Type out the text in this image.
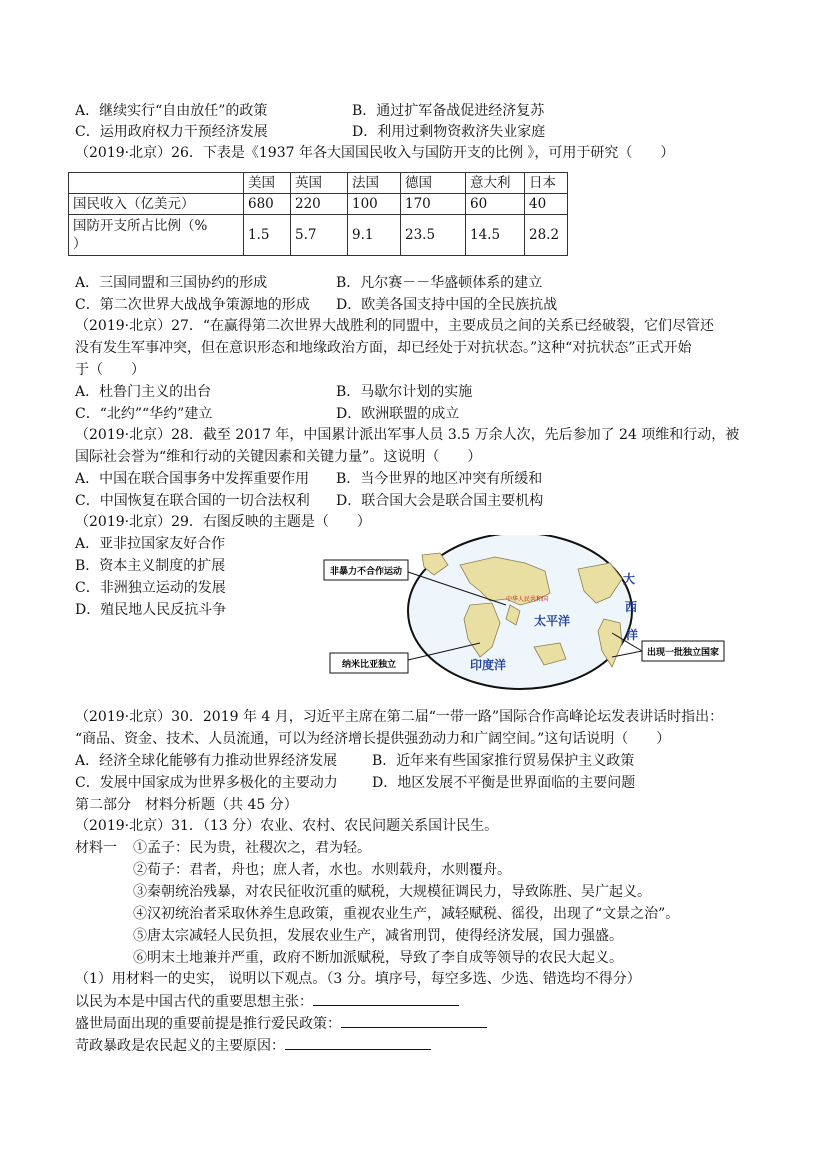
A．继续实行“自由放任”的政策	B．通过扩军备战促进经济复苏
C．运用政府权力干预经济发展	D．利用过剩物资救济失业家庭
（2019·北京）26．下表是《1937 年各大国国民收入与国防开支的比例 》，可用于研究（　　）
	美国	英国	法国	德国	意大利	日本
国民收入（亿美元）	680	220	100	170	60	40

国防开支所占比例（%
）	1.5	5.7	9.1	23.5	14.5	28.2
A．三国同盟和三国协约的形成	B．凡尔赛－－华盛顿体系的建立
C．第二次世界大战战争策源地的形成 D．欧美各国支持中国的全民族抗战
（2019·北京）27．“在赢得第二次世界大战胜利的同盟中，主要成员之间的关系已经破裂，它们尽管还
没有发生军事冲突，但在意识形态和地缘政治方面，却已经处于对抗状态。”这种“对抗状态”正式开始
于（　　）
A．杜鲁门主义的出台	B．马歇尔计划的实施
C．“北约”“华约”建立	D．欧洲联盟的成立
（2019·北京）28．截至 2017 年，中国累计派出军事人员 3.5 万余人次，先后参加了 24 项维和行动，被
国际社会誉为“维和行动的关键因素和关键力量”。这说明（　　）
A．中国在联合国事务中发挥重要作用 B．当今世界的地区冲突有所缓和
C．中国恢复在联合国的一切合法权利 D．联合国大会是联合国主要机构
（2019·北京）29．右图反映的主题是（　　）
A．亚非拉国家友好合作
B．资本主义制度的扩展
C．非洲独立运动的发展
D．殖民地人民反抗斗争
非暴力不合作运动
纳米比亚独立
出现一批独立国家
中华人民共和国
太平洋
印度洋
大
西
洋
（2019·北京）30．2019 年 4 月，习近平主席在第二届“一带一路”国际合作高峰论坛发表讲话时指出：
“商品、资金、技术、人员流通，可以为经济增长提供强劲动力和广阔空间。”这句话说明（　　）
A．经济全球化能够有力推动世界经济发展 B．近年来有些国家推行贸易保护主义政策
C．发展中国家成为世界多极化的主要动力 D．地区发展不平衡是世界面临的主要问题
第二部分　材料分析题（共 45 分）
（2019·北京）31．（13 分）农业、农村、农民问题关系国计民生。
材料一 ①孟子：民为贵，社稷次之，君为轻。
②荀子：君者，舟也；庶人者，水也。水则载舟，水则覆舟。
③秦朝统治残暴，对农民征收沉重的赋税，大规模征调民力，导致陈胜、吴广起义。
④汉初统治者采取休养生息政策，重视农业生产，减轻赋税、徭役，出现了“文景之治”。
⑤唐太宗减轻人民负担，发展农业生产，减省刑罚，使得经济发展，国力强盛。
⑥明末土地兼并严重，政府不断加派赋税，导致了李自成等领导的农民大起义。
（1）用材料一的史实， 说明以下观点。（3 分。填序号，每空多选、少选、错选均不得分）
以民为本是中国古代的重要思想主张：
盛世局面出现的重要前提是推行爱民政策：
苛政暴政是农民起义的主要原因：
